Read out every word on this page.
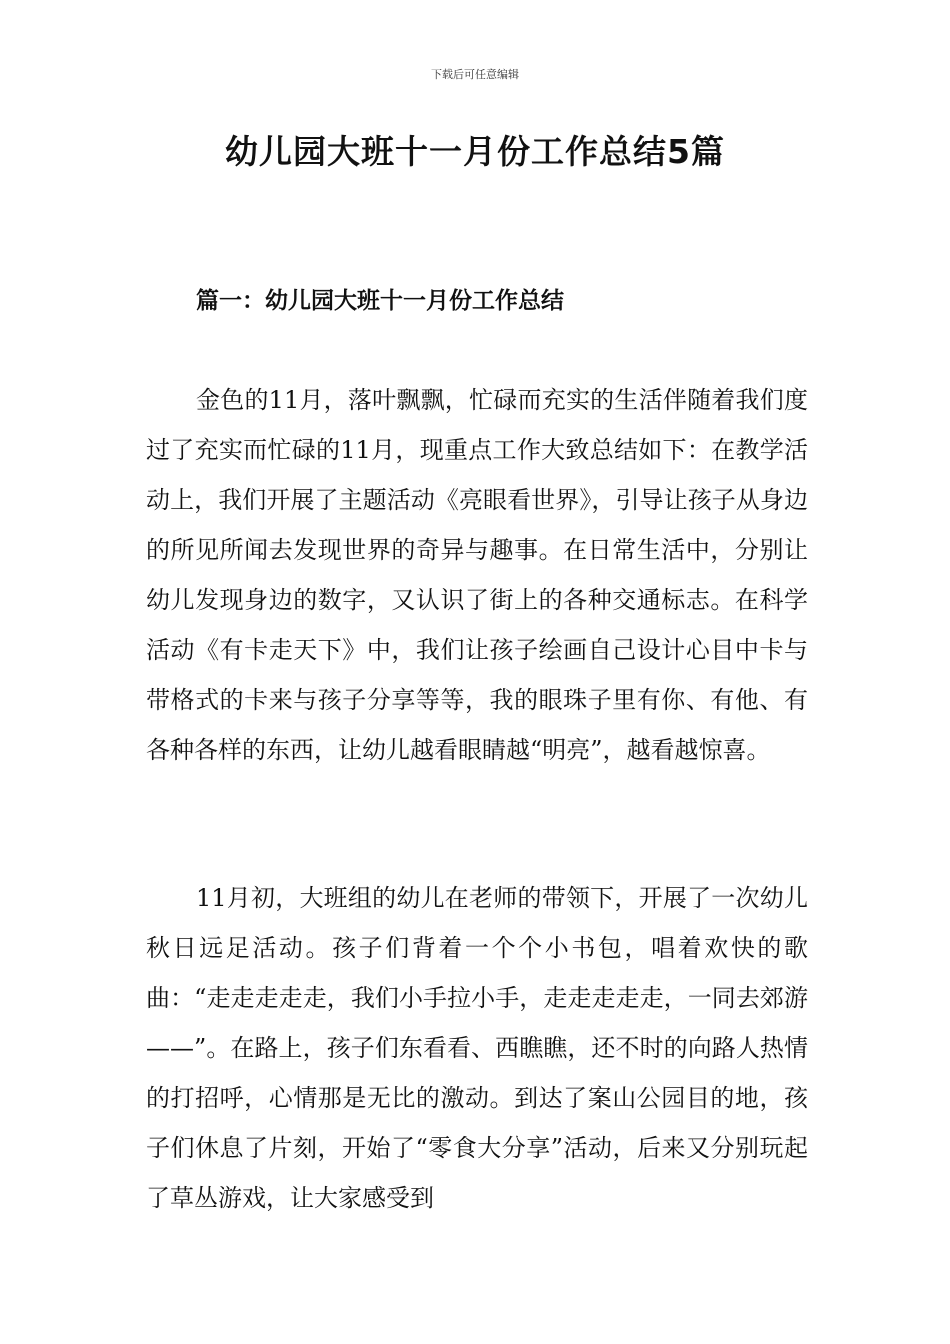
下载后可任意编辑
幼儿园大班十一月份工作总结5篇
篇一：幼儿园大班十一月份工作总结

金色的11月，落叶飘飘，忙碌而充实的生活伴随着我们度过了充实而忙碌的11月，现重点工作大致总结如下：在教学活动上，我们开展了主题活动《亮眼看世界》，引导让孩子从身边的所见所闻去发现世界的奇异与趣事。在日常生活中，分别让幼儿发现身边的数字，又认识了街上的各种交通标志。在科学活动《有卡走天下》中，我们让孩子绘画自己设计心目中卡与带格式的卡来与孩子分享等等，我的眼珠子里有你、有他、有各种各样的东西，让幼儿越看眼睛越“明亮”，越看越惊喜。

11月初，大班组的幼儿在老师的带领下，开展了一次幼儿秋日远足活动。孩子们背着一个个小书包，唱着欢快的歌曲：“走走走走走，我们小手拉小手，走走走走走，一同去郊游——”。在路上，孩子们东看看、西瞧瞧，还不时的向路人热情的打招呼，心情那是无比的激动。到达了案山公园目的地，孩子们休息了片刻，开始了“零食大分享”活动，后来又分别玩起了草丛游戏，让大家感受到
